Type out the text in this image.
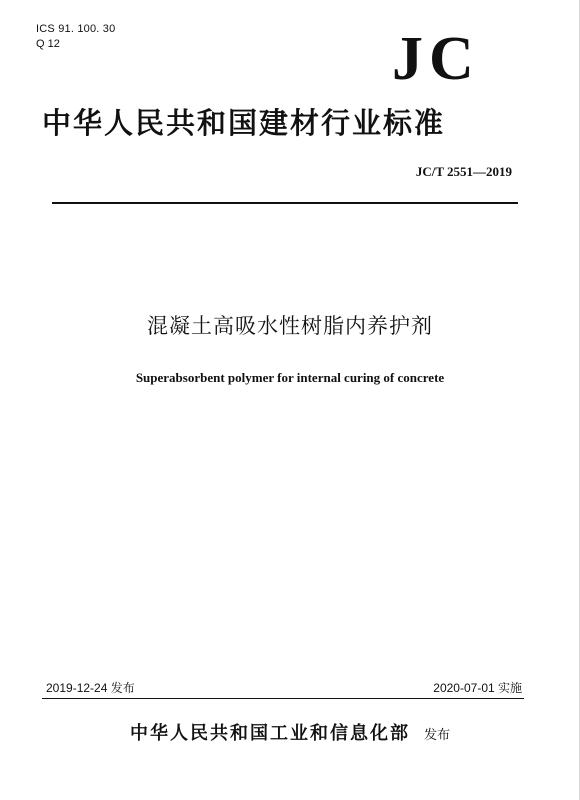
ICS 91. 100. 30
Q 12	JC
中华人民共和国建材行业标准
JC/T 2551—2019
混凝土高吸水性树脂内养护剂
Superabsorbent polymer for internal curing of concrete
2019-12-24 发布	2020-07-01 实施
中华人民共和国工业和信息化部 发布
